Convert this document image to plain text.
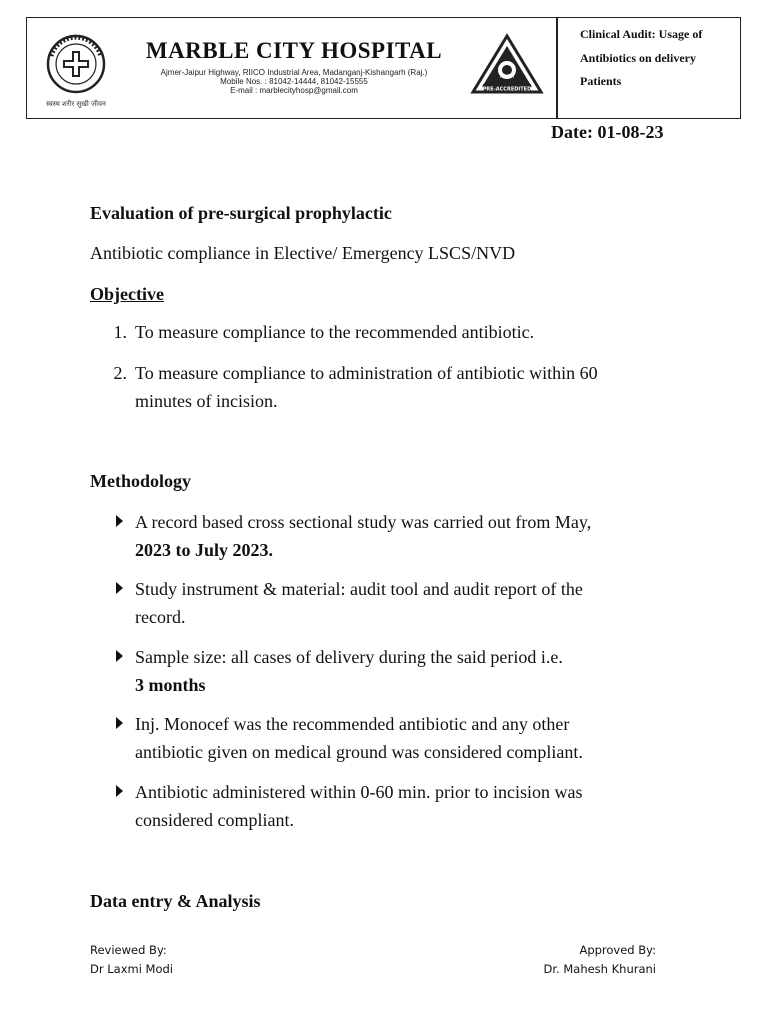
स्वस्थ शरीर सुखी जीवन
MARBLE CITY HOSPITAL
Ajmer-Jaipur Highway, RIICO Industrial Area, Madanganj-Kishangarh (Raj.)
Mobile Nos. : 81042-14444, 81042-15555
E-mail : marblecityhosp@gmail.com
NABH
PRE-ACCREDITED
Clinical Audit: Usage of
Antibiotics on delivery
Patients
Date: 01-08-23
Evaluation of pre-surgical prophylactic
Antibiotic compliance in Elective/ Emergency LSCS/NVD
Objective
1. To measure compliance to the recommended antibiotic.
2. To measure compliance to administration of antibiotic within 60
minutes of incision.
Methodology
A record based cross sectional study was carried out from May,
2023 to July 2023.
Study instrument & material: audit tool and audit report of the
record.
Sample size: all cases of delivery during the said period i.e.
3 months
Inj. Monocef was the recommended antibiotic and any other
antibiotic given on medical ground was considered compliant.
Antibiotic administered within 0-60 min. prior to incision was
considered compliant.
Data entry & Analysis
Reviewed By:
Dr Laxmi Modi
Approved By:
Dr. Mahesh Khurani
